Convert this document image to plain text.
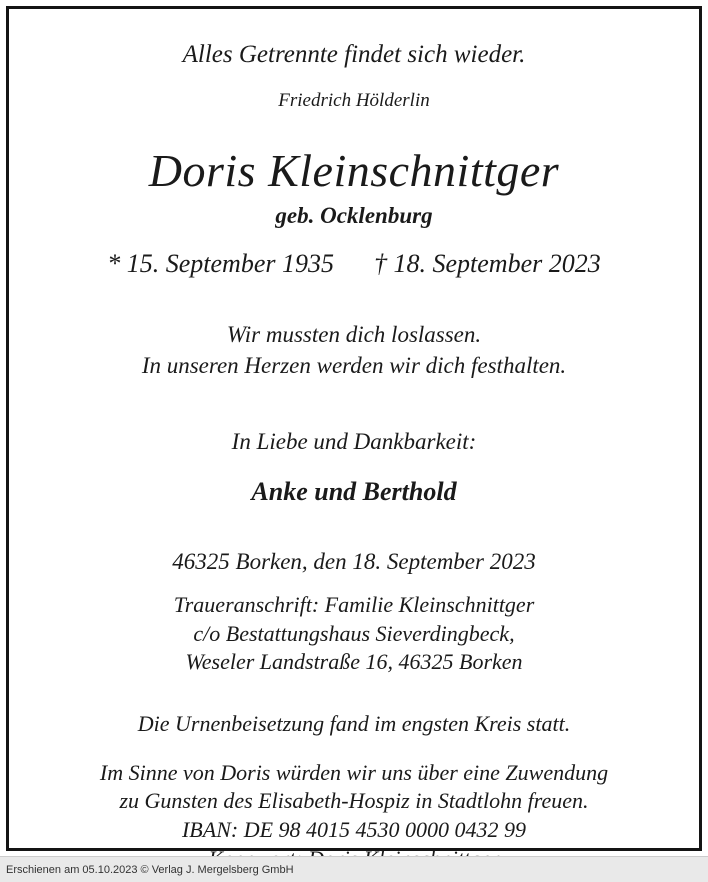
Alles Getrennte findet sich wieder.
Friedrich Hölderlin
Doris Kleinschnittger
geb. Ocklenburg
* 15. September 1935 † 18. September 2023
Wir mussten dich loslassen.
In unseren Herzen werden wir dich festhalten.
In Liebe und Dankbarkeit:
Anke und Berthold
46325 Borken, den 18. September 2023
Traueranschrift: Familie Kleinschnittger
c/o Bestattungshaus Sieverdingbeck,
Weseler Landstraße 16, 46325 Borken
Die Urnenbeisetzung fand im engsten Kreis statt.
Im Sinne von Doris würden wir uns über eine Zuwendung
zu Gunsten des Elisabeth-Hospiz in Stadtlohn freuen.
IBAN: DE 98 4015 4530 0000 0432 99
Erschienen am 05.10.2023 © Verlag J. Mergelsberg GmbH
